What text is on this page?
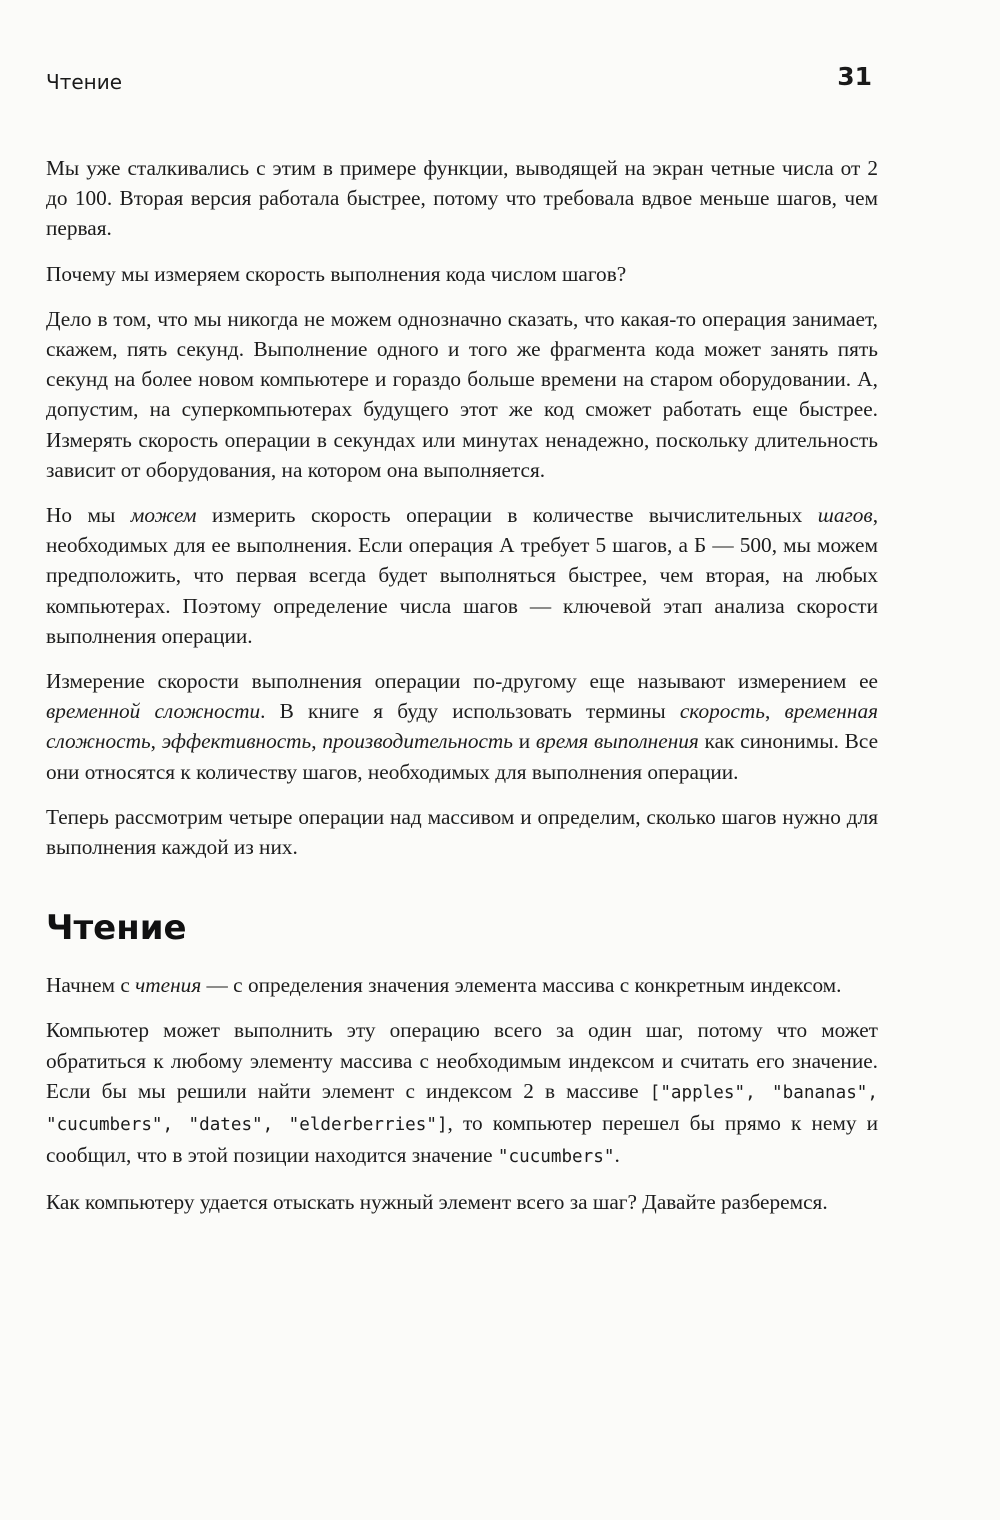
Чтение	31

Мы уже сталкивались с этим в примере функции, выводящей на экран четные числа от 2 до 100. Вторая версия работала быстрее, потому что требовала вдвое меньше шагов, чем первая.

Почему мы измеряем скорость выполнения кода числом шагов?

Дело в том, что мы никогда не можем однозначно сказать, что какая-то операция занимает, скажем, пять секунд. Выполнение одного и того же фрагмента кода может занять пять секунд на более новом компьютере и гораздо больше времени на старом оборудовании. А, допустим, на суперкомпьютерах будущего этот же код сможет работать еще быстрее. Измерять скорость операции в секундах или минутах ненадежно, поскольку длительность зависит от оборудования, на котором она выполняется.

Но мы можем измерить скорость операции в количестве вычислительных шагов, необходимых для ее выполнения. Если операция А требует 5 шагов, а Б — 500, мы можем предположить, что первая всегда будет выполняться быстрее, чем вторая, на любых компьютерах. Поэтому определение числа шагов — ключевой этап анализа скорости выполнения операции.

Измерение скорости выполнения операции по-другому еще называют измерением ее временной сложности. В книге я буду использовать термины скорость, временная сложность, эффективность, производительность и время выполнения как синонимы. Все они относятся к количеству шагов, необходимых для выполнения операции.

Теперь рассмотрим четыре операции над массивом и определим, сколько шагов нужно для выполнения каждой из них.

Чтение

Начнем с чтения — с определения значения элемента массива с конкретным индексом.

Компьютер может выполнить эту операцию всего за один шаг, потому что может обратиться к любому элементу массива с необходимым индексом и считать его значение. Если бы мы решили найти элемент с индексом 2 в массиве ["apples", "bananas", "cucumbers", "dates", "elderberries"], то компьютер перешел бы прямо к нему и сообщил, что в этой позиции находится значение "cucumbers".

Как компьютеру удается отыскать нужный элемент всего за шаг? Давайте разберемся.
